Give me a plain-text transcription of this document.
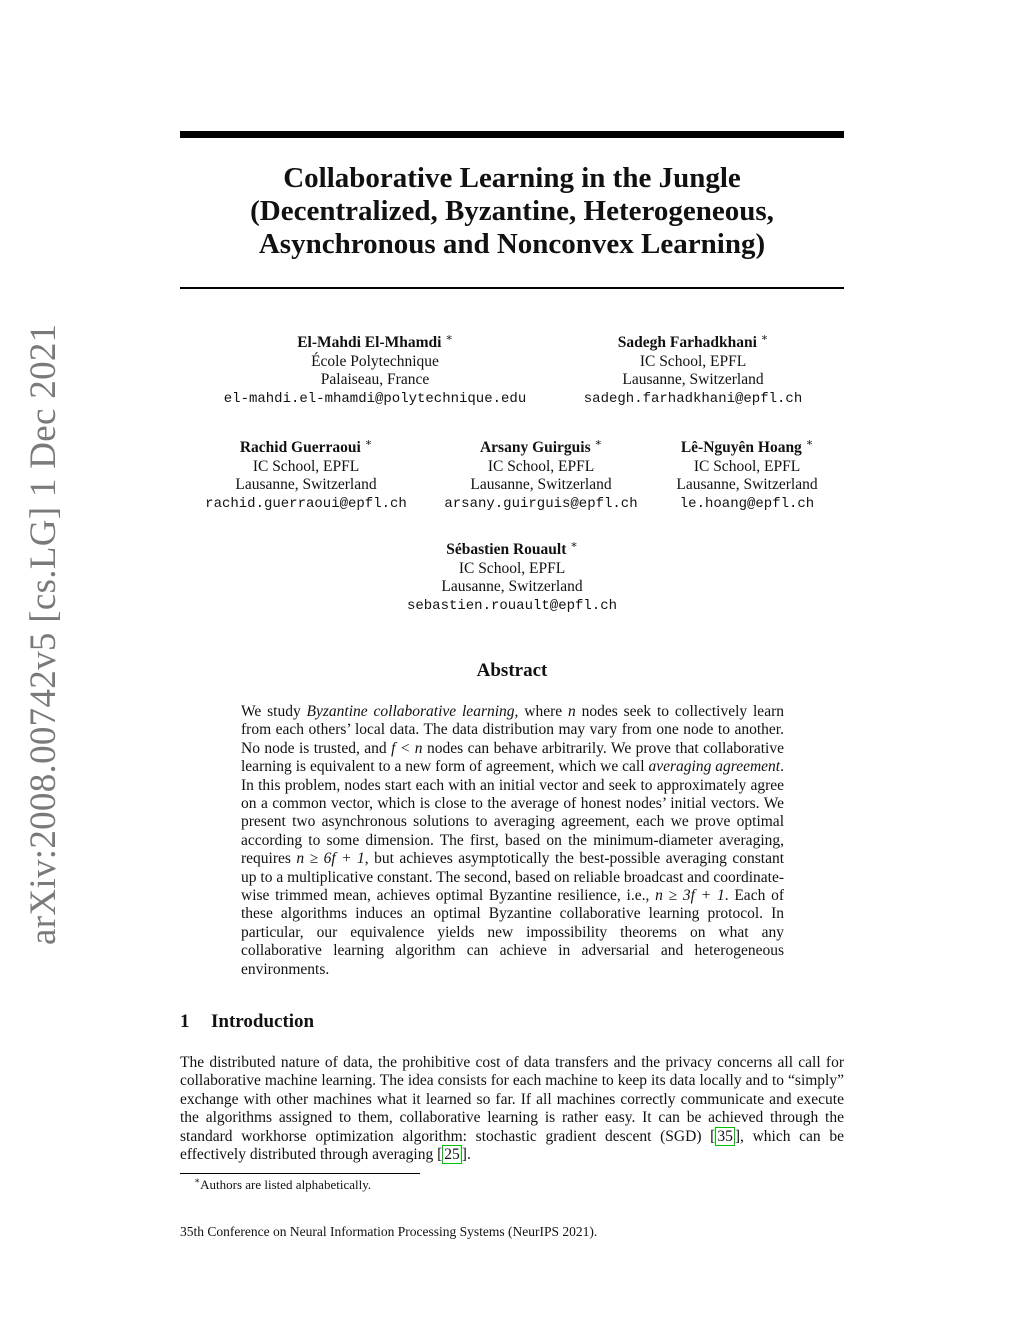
arXiv:2008.00742v5 [cs.LG] 1 Dec 2021
Collaborative Learning in the Jungle
(Decentralized, Byzantine, Heterogeneous,
Asynchronous and Nonconvex Learning)
El-Mahdi El-Mhamdi ∗
École Polytechnique
Palaiseau, France
el-mahdi.el-mhamdi@polytechnique.edu
Sadegh Farhadkhani ∗
IC School, EPFL
Lausanne, Switzerland
sadegh.farhadkhani@epfl.ch
Rachid Guerraoui ∗
IC School, EPFL
Lausanne, Switzerland
rachid.guerraoui@epfl.ch
Arsany Guirguis ∗
IC School, EPFL
Lausanne, Switzerland
arsany.guirguis@epfl.ch
Lê-Nguyên Hoang ∗
IC School, EPFL
Lausanne, Switzerland
le.hoang@epfl.ch
Sébastien Rouault ∗
IC School, EPFL
Lausanne, Switzerland
sebastien.rouault@epfl.ch
Abstract
We study Byzantine collaborative learning, where n nodes seek to collectively learn from each others’ local data. The data distribution may vary from one node to another. No node is trusted, and f < n nodes can behave arbitrarily. We prove that collaborative learning is equivalent to a new form of agreement, which we call averaging agreement. In this problem, nodes start each with an initial vector and seek to approximately agree on a common vector, which is close to the average of honest nodes’ initial vectors. We present two asynchronous solutions to averaging agreement, each we prove optimal according to some dimension. The first, based on the minimum-diameter averaging, requires n ≥ 6f + 1, but achieves asymptotically the best-possible averaging constant up to a multiplicative constant. The second, based on reliable broadcast and coordinate-wise trimmed mean, achieves optimal Byzantine resilience, i.e., n ≥ 3f + 1. Each of these algorithms induces an optimal Byzantine collaborative learning protocol. In particular, our equivalence yields new impossibility theorems on what any collaborative learning algorithm can achieve in adversarial and heterogeneous environments.
1 Introduction
The distributed nature of data, the prohibitive cost of data transfers and the privacy concerns all call for collaborative machine learning. The idea consists for each machine to keep its data locally and to “simply” exchange with other machines what it learned so far. If all machines correctly communicate and execute the algorithms assigned to them, collaborative learning is rather easy. It can be achieved through the standard workhorse optimization algorithm: stochastic gradient descent (SGD) [ 35 ], which can be effectively distributed through averaging [ 25 ].
∗Authors are listed alphabetically.
35th Conference on Neural Information Processing Systems (NeurIPS 2021).
